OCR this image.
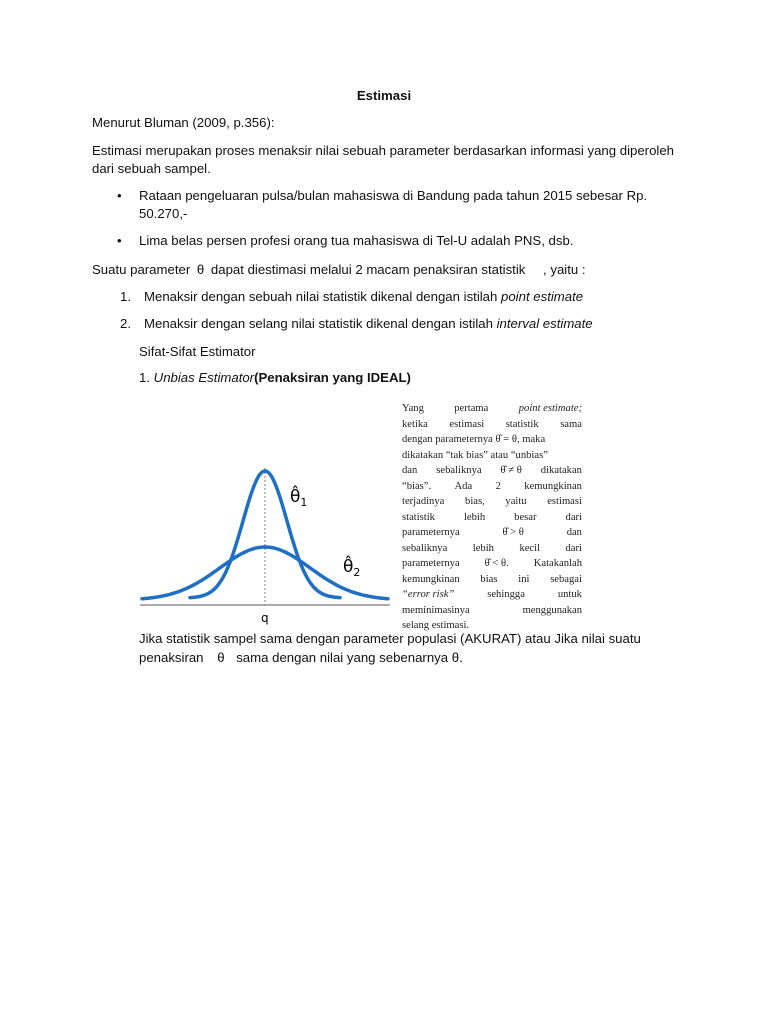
Estimasi
Menurut Bluman (2009, p.356):
Estimasi merupakan proses menaksir nilai sebuah parameter berdasarkan informasi yang diperoleh
dari sebuah sampel.
• Rataan pengeluaran pulsa/bulan mahasiswa di Bandung pada tahun 2015 sebesar Rp.
50.270,-
• Lima belas persen profesi orang tua mahasiswa di Tel-U adalah PNS, dsb.
Suatu parameter θ dapat diestimasi melalui 2 macam penaksiran statistik , yaitu :
1. Menaksir dengan sebuah nilai statistik dikenal dengan istilah point estimate
2. Menaksir dengan selang nilai statistik dikenal dengan istilah interval estimate
Sifat-Sifat Estimator
1. Unbias Estimator(Penaksiran yang IDEAL)
$\thetâ_1$
$\thetâ_2$
q
Yang	pertama	point estimate;
ketika estimasi statistik sama
dengan parameternya θ̂ = θ, maka
dikatakan “tak bias” atau “unbias”
dan sebaliknya θ̂ ≠ θ dikatakan
“bias”. Ada 2 kemungkinan
terjadinya bias, yaitu estimasi
statistik	lebih	besar	dari
parameternya	θ̂ > θ	dan
sebaliknya lebih kecil dari
parameternya θ̂ < θ. Katakanlah
kemungkinan bias ini sebagai
“error risk”	sehingga	untuk
meminimasinya	menggunakan
selang estimasi.
Jika statistik sampel sama dengan parameter populasi (AKURAT) atau Jika nilai suatu
penaksiran θ sama dengan nilai yang sebenarnya θ.
